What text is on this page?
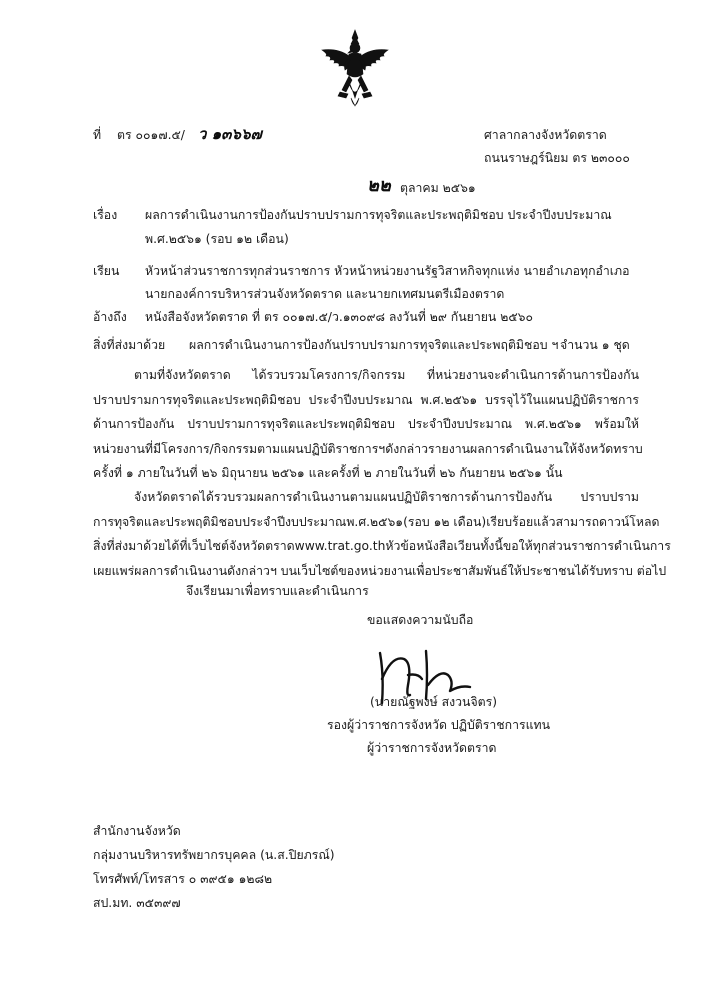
ที่ ตร ๐๐๑๗.๕/ ว ๑๓๖๖๗	ศาลากลางจังหวัดตราด
ถนนราษฎร์นิยม ตร ๒๓๐๐๐
๒๒ ตุลาคม ๒๕๖๑
เรื่อง ผลการดำเนินงานการป้องกันปราบปรามการทุจริตและประพฤติมิชอบ ประจำปีงบประมาณ
พ.ศ.๒๕๖๑ (รอบ ๑๒ เดือน)
เรียน หัวหน้าส่วนราชการทุกส่วนราชการ หัวหน้าหน่วยงานรัฐวิสาหกิจทุกแห่ง นายอำเภอทุกอำเภอ
นายกองค์การบริหารส่วนจังหวัดตราด และนายกเทศมนตรีเมืองตราด
อ้างถึง หนังสือจังหวัดตราด ที่ ตร ๐๐๑๗.๕/ว.๑๓๐๙๘ ลงวันที่ ๒๙ กันยายน ๒๕๖๐
สิ่งที่ส่งมาด้วย ผลการดำเนินงานการป้องกันปราบปรามการทุจริตและประพฤติมิชอบ ฯ จำนวน ๑ ชุด
ตามที่จังหวัดตราด ได้รวบรวมโครงการ/กิจกรรม ที่หน่วยงานจะดำเนินการด้านการป้องกัน
ปราบปรามการทุจริตและประพฤติมิชอบ ประจำปีงบประมาณ พ.ศ.๒๕๖๑ บรรจุไว้ในแผนปฏิบัติราชการ
ด้านการป้องกัน ปราบปรามการทุจริตและประพฤติมิชอบ ประจำปีงบประมาณ พ.ศ.๒๕๖๑ พร้อมให้
หน่วยงานที่มีโครงการ/กิจกรรม ตามแผนปฏิบัติราชการฯ ดังกล่าว รายงานผลการดำเนินงานให้จังหวัดทราบ
ครั้งที่ ๑ ภายในวันที่ ๒๖ มิถุนายน ๒๕๖๑ และครั้งที่ ๒ ภายในวันที่ ๒๖ กันยายน ๒๕๖๑ นั้น
จังหวัดตราดได้รวบรวมผลการดำเนินงานตามแผนปฏิบัติราชการด้านการป้องกัน ปราบปราม
การทุจริตและประพฤติมิชอบ ประจำปีงบประมาณ พ.ศ.๒๕๖๑ (รอบ ๑๒ เดือน) เรียบร้อยแล้ว สามารถดาวน์โหลด
สิ่งที่ส่งมาด้วยได้ที่เว็บไซต์จังหวัดตราด www.trat.go.th หัวข้อ หนังสือเวียน ทั้งนี้ ขอให้ทุกส่วนราชการดำเนินการ
เผยแพร่ผลการดำเนินงานดังกล่าวฯ บนเว็บไซต์ของหน่วยงานเพื่อประชาสัมพันธ์ให้ประชาชนได้รับทราบ ต่อไป
จึงเรียนมาเพื่อทราบและดำเนินการ
ขอแสดงความนับถือ
(นายณัฐพงษ์ สงวนจิตร)
รองผู้ว่าราชการจังหวัด ปฏิบัติราชการแทน
ผู้ว่าราชการจังหวัดตราด
สำนักงานจังหวัด
กลุ่มงานบริหารทรัพยากรบุคคล (น.ส.ปิยภรณ์)
โทรศัพท์/โทรสาร ๐ ๓๙๕๑ ๑๒๘๒
สป.มท. ๓๕๓๙๗
